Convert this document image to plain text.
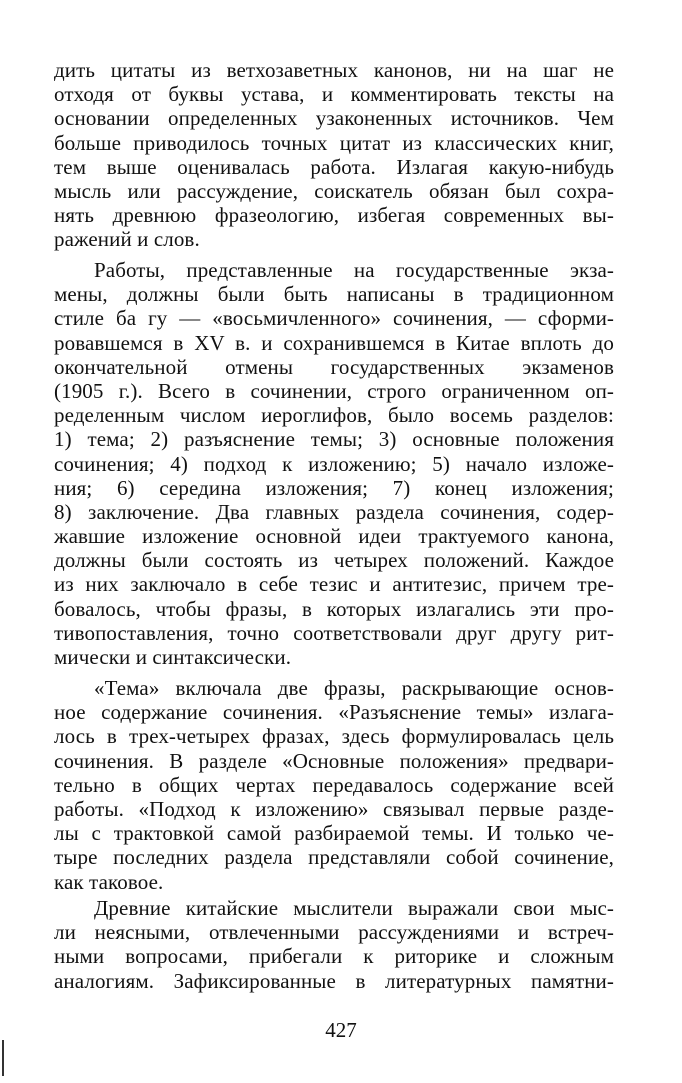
дить цитаты из ветхозаветных канонов, ни на шаг не
отходя от буквы устава, и комментировать тексты на
основании определенных узаконенных источников. Чем
больше приводилось точных цитат из классических книг,
тем выше оценивалась работа. Излагая какую-нибудь
мысль или рассуждение, соискатель обязан был сохра-
нять древнюю фразеологию, избегая современных вы-
ражений и слов.
Работы, представленные на государственные экза-
мены, должны были быть написаны в традиционном
стиле ба гу — «восьмичленного» сочинения, — сформи-
ровавшемся в XV в. и сохранившемся в Китае вплоть до
окончательной отмены государственных экзаменов
(1905 г.). Всего в сочинении, строго ограниченном оп-
ределенным числом иероглифов, было восемь разделов:
1) тема; 2) разъяснение темы; 3) основные положения
сочинения; 4) подход к изложению; 5) начало изложе-
ния; 6) середина изложения; 7) конец изложения;
8) заключение. Два главных раздела сочинения, содер-
жавшие изложение основной идеи трактуемого канона,
должны были состоять из четырех положений. Каждое
из них заключало в себе тезис и антитезис, причем тре-
бовалось, чтобы фразы, в которых излагались эти про-
тивопоставления, точно соответствовали друг другу рит-
мически и синтаксически.
«Тема» включала две фразы, раскрывающие основ-
ное содержание сочинения. «Разъяснение темы» излага-
лось в трех-четырех фразах, здесь формулировалась цель
сочинения. В разделе «Основные положения» предвари-
тельно в общих чертах передавалось содержание всей
работы. «Подход к изложению» связывал первые разде-
лы с трактовкой самой разбираемой темы. И только че-
тыре последних раздела представляли собой сочинение,
как таковое.
Древние китайские мыслители выражали свои мыс-
ли неясными, отвлеченными рассуждениями и встреч-
ными вопросами, прибегали к риторике и сложным
аналогиям. Зафиксированные в литературных памятни-
427
